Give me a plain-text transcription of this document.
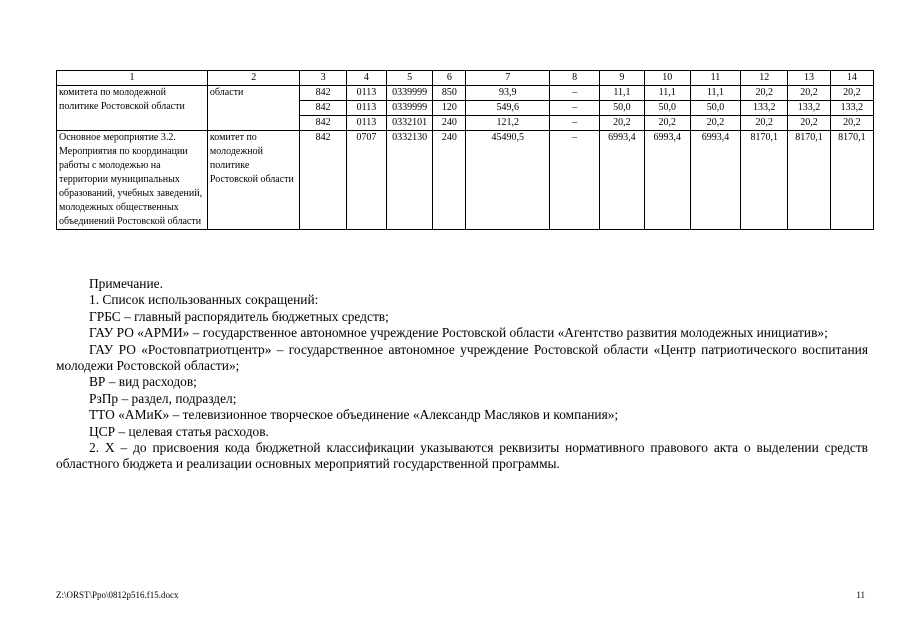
1	2	3	4	5	6	7	8	9	10	11	12	13	14
комитета по молодежной политике Ростовской области	области	842	0113	0339999	850	93,9	–	11,1	11,1	11,1	20,2	20,2	20,2
		842	0113	0339999	120	549,6	–	50,0	50,0	50,0	133,2	133,2	133,2
		842	0113	0332101	240	121,2	–	20,2	20,2	20,2	20,2	20,2	20,2
Основное мероприятие 3.2. Мероприятия по координации работы с молодежью на территории муниципальных образований, учебных заведений, молодежных общественных объединений Ростовской области	комитет по молодежной политике Ростовской области	842	0707	0332130	240	45490,5	–	6993,4	6993,4	6993,4	8170,1	8170,1	8170,1

Примечание.

1. Список использованных сокращений:

ГРБС – главный распорядитель бюджетных средств;

ГАУ РО «АРМИ» – государственное автономное учреждение Ростовской области «Агентство развития молодежных инициатив»;

ГАУ РО «Ростовпатриотцентр» – государственное автономное учреждение Ростовской области «Центр патриотического воспитания молодежи Ростовской области»;

ВР – вид расходов;

РзПр – раздел, подраздел;

ТТО «АМиК» – телевизионное творческое объединение «Александр Масляков и компания»;

ЦСР – целевая статья расходов.

2. Х – до присвоения кода бюджетной классификации указываются реквизиты нормативного правового акта о выделении средств областного бюджета и реализации основных мероприятий государственной программы.

Z:\ORST\Ppo\0812p516.f15.docx	11
